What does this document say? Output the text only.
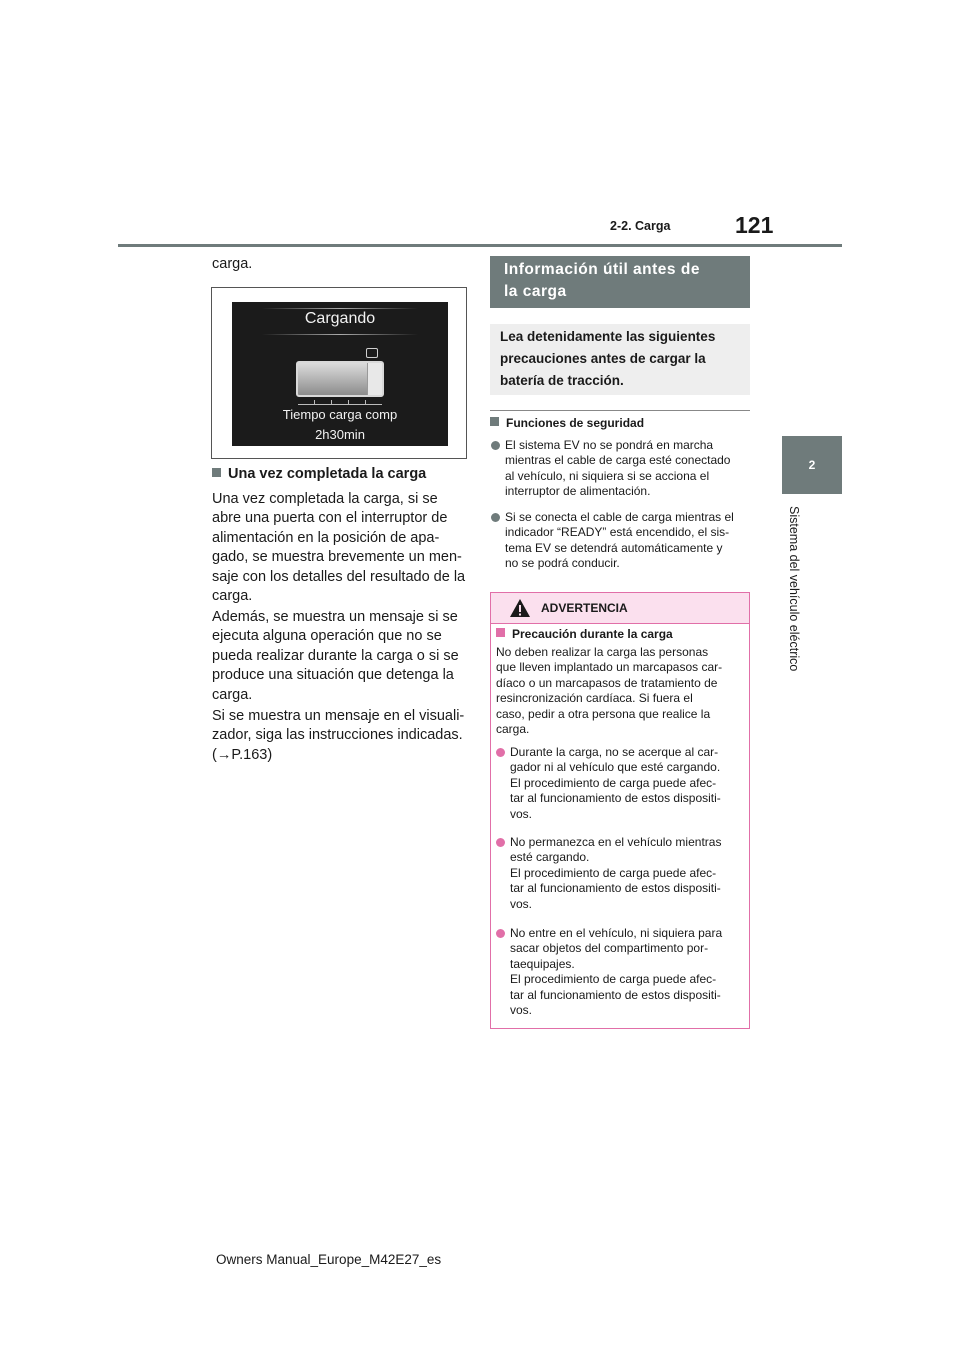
2-2. Carga	121
2
Sistema del vehículo eléctrico
carga.
Cargando
Tiempo carga comp
2h30min
Una vez completada la carga
Una vez completada la carga, si se
abre una puerta con el interruptor de
alimentación en la posición de apa-
gado, se muestra brevemente un men-
saje con los detalles del resultado de la
carga.
Además, se muestra un mensaje si se
ejecuta alguna operación que no se
pueda realizar durante la carga o si se
produce una situación que detenga la
carga.
Si se muestra un mensaje en el visuali-
zador, siga las instrucciones indicadas.
(→P.163)
Información útil antes de
la carga
Lea detenidamente las siguientes
precauciones antes de cargar la
batería de tracción.
Funciones de seguridad
El sistema EV no se pondrá en marcha
mientras el cable de carga esté conectado
al vehículo, ni siquiera si se acciona el
interruptor de alimentación.
Si se conecta el cable de carga mientras el
indicador “READY” está encendido, el sis-
tema EV se detendrá automáticamente y
no se podrá conducir.
ADVERTENCIA
Precaución durante la carga
No deben realizar la carga las personas
que lleven implantado un marcapasos car-
díaco o un marcapasos de tratamiento de
resincronización cardíaca. Si fuera el
caso, pedir a otra persona que realice la
carga.
Durante la carga, no se acerque al car-
gador ni al vehículo que esté cargando.
El procedimiento de carga puede afec-
tar al funcionamiento de estos dispositi-
vos.
No permanezca en el vehículo mientras
esté cargando.
El procedimiento de carga puede afec-
tar al funcionamiento de estos dispositi-
vos.
No entre en el vehículo, ni siquiera para
sacar objetos del compartimento por-
taequipajes.
El procedimiento de carga puede afec-
tar al funcionamiento de estos dispositi-
vos.
Owners Manual_Europe_M42E27_es
